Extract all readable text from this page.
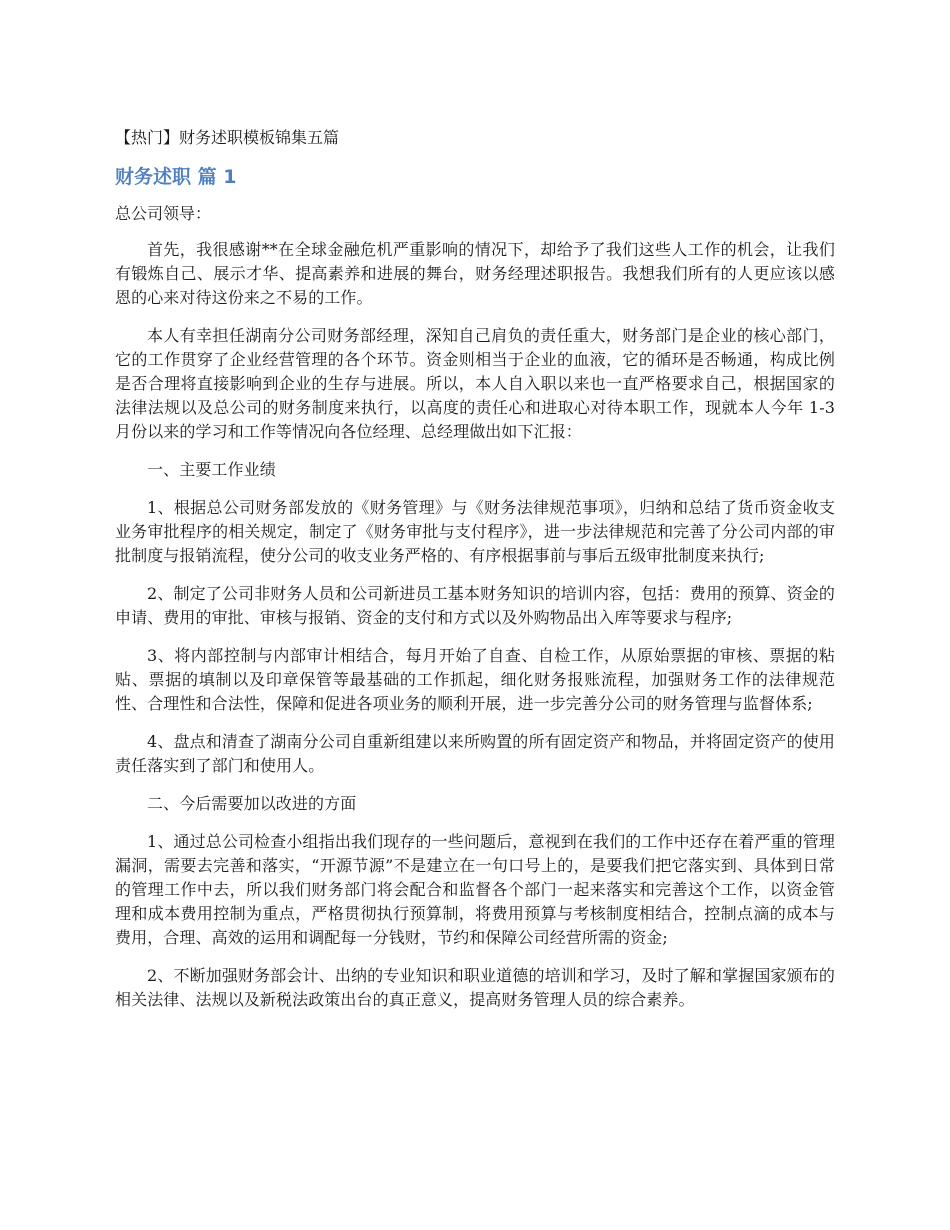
【热门】财务述职模板锦集五篇
财务述职 篇 1
总公司领导：

首先，我很感谢**在全球金融危机严重影响的情况下，却给予了我们这些人工作的机会，让我们有锻炼自己、展示才华、提高素养和进展的舞台，财务经理述职报告。我想我们所有的人更应该以感恩的心来对待这份来之不易的工作。

本人有幸担任湖南分公司财务部经理，深知自己肩负的责任重大，财务部门是企业的核心部门，它的工作贯穿了企业经营管理的各个环节。资金则相当于企业的血液，它的循环是否畅通，构成比例是否合理将直接影响到企业的生存与进展。所以，本人自入职以来也一直严格要求自己，根据国家的法律法规以及总公司的财务制度来执行，以高度的责任心和进取心对待本职工作，现就本人今年 1-3 月份以来的学习和工作等情况向各位经理、总经理做出如下汇报：

一、主要工作业绩

1、根据总公司财务部发放的《财务管理》与《财务法律规范事项》，归纳和总结了货币资金收支业务审批程序的相关规定，制定了《财务审批与支付程序》，进一步法律规范和完善了分公司内部的审批制度与报销流程，使分公司的收支业务严格的、有序根据事前与事后五级审批制度来执行;

2、制定了公司非财务人员和公司新进员工基本财务知识的培训内容，包括：费用的预算、资金的申请、费用的审批、审核与报销、资金的支付和方式以及外购物品出入库等要求与程序;

3、将内部控制与内部审计相结合，每月开始了自查、自检工作，从原始票据的审核、票据的粘贴、票据的填制以及印章保管等最基础的工作抓起，细化财务报账流程，加强财务工作的法律规范性、合理性和合法性，保障和促进各项业务的顺利开展，进一步完善分公司的财务管理与监督体系;

4、盘点和清查了湖南分公司自重新组建以来所购置的所有固定资产和物品，并将固定资产的使用责任落实到了部门和使用人。

二、今后需要加以改进的方面

1、通过总公司检查小组指出我们现存的一些问题后，意视到在我们的工作中还存在着严重的管理漏洞，需要去完善和落实，“开源节源”不是建立在一句口号上的，是要我们把它落实到、具体到日常的管理工作中去，所以我们财务部门将会配合和监督各个部门一起来落实和完善这个工作，以资金管理和成本费用控制为重点，严格贯彻执行预算制，将费用预算与考核制度相结合，控制点滴的成本与费用，合理、高效的运用和调配每一分钱财，节约和保障公司经营所需的资金;

2、不断加强财务部会计、出纳的专业知识和职业道德的培训和学习，及时了解和掌握国家颁布的相关法律、法规以及新税法政策出台的真正意义，提高财务管理人员的综合素养。
